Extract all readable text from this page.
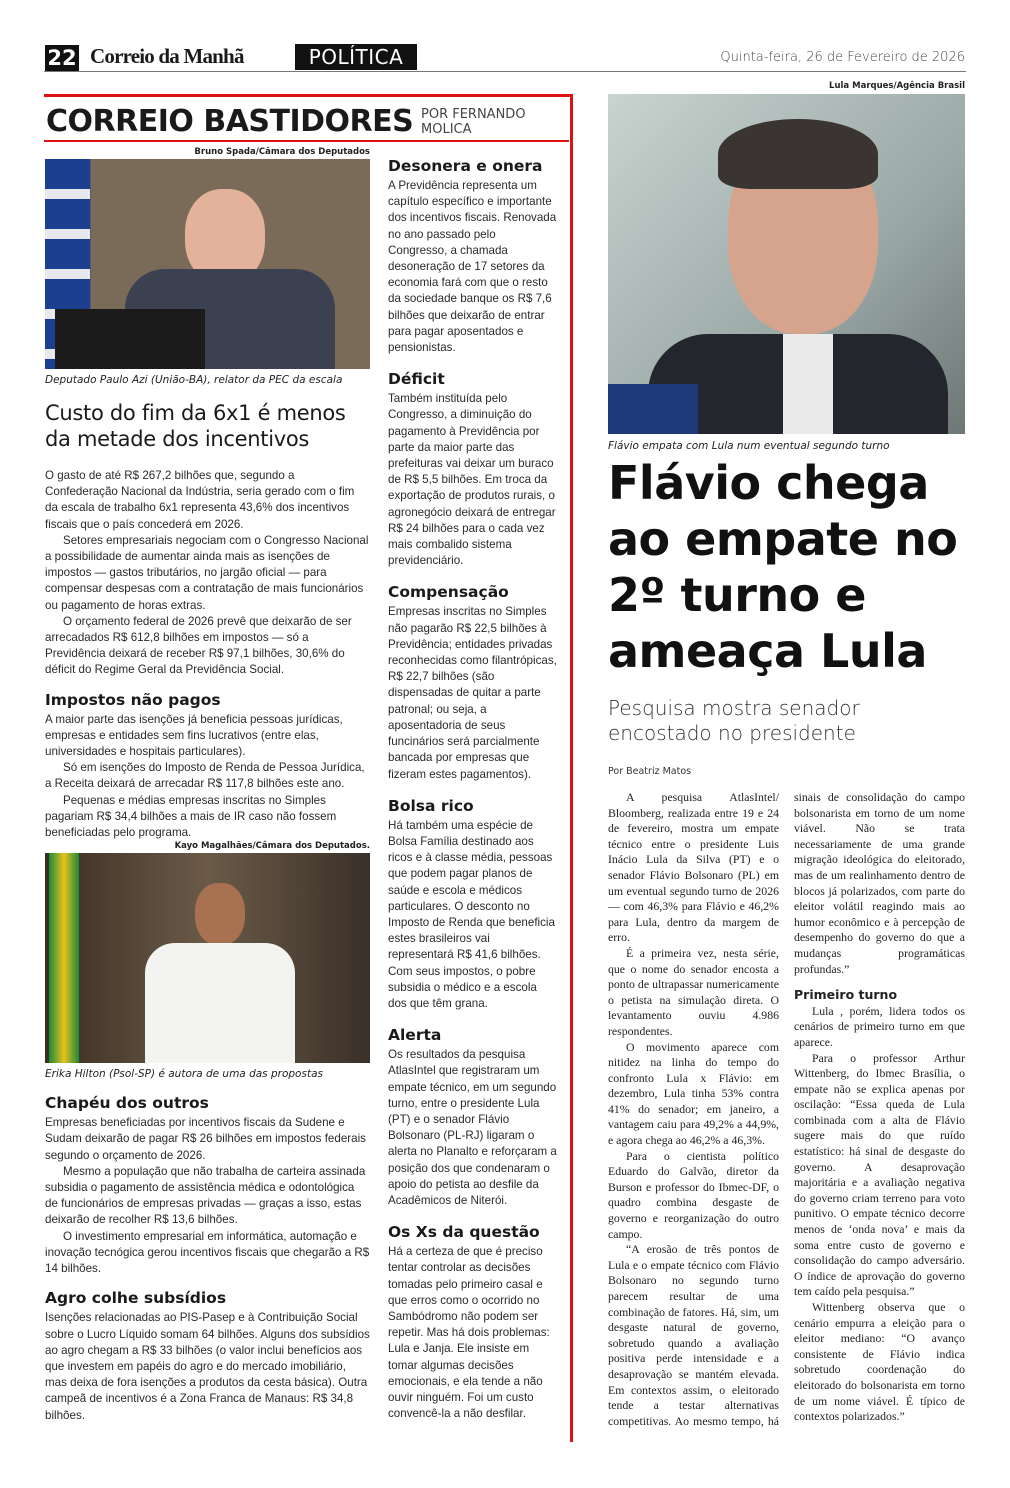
22 Correio da Manhã	POLÍTICA	Quinta-feira, 26 de Fevereiro de 2026
CORREIO BASTIDORES POR FERNANDO MOLICA
Bruno Spada/Câmara dos Deputados
Deputado Paulo Azi (União-BA), relator da PEC da escala
Custo do fim da 6x1 é menos da metade dos incentivos

O gasto de até R$ 267,2 bilhões que, segundo a Confederação Nacional da Indústria, seria gerado com o fim da escala de trabalho 6x1 representa 43,6% dos incentivos fiscais que o país concederá em 2026.

Setores empresariais negociam com o Congresso Nacional a possibilidade de aumentar ainda mais as isenções de impostos — gastos tributários, no jargão oficial — para compensar despesas com a contratação de mais funcionários ou pagamento de horas extras.

O orçamento federal de 2026 prevê que deixarão de ser arrecadados R$ 612,8 bilhões em impostos — só a Previdência deixará de receber R$ 97,1 bilhões, 30,6% do déficit do Regime Geral da Previdência Social.

Impostos não pagos

A maior parte das isenções já beneficia pessoas jurídicas, empresas e entidades sem fins lucrativos (entre elas, universidades e hospitais particulares).

Só em isenções do Imposto de Renda de Pessoa Jurídica, a Receita deixará de arrecadar R$ 117,8 bilhões este ano.

Pequenas e médias empresas inscritas no Simples pagariam R$ 34,4 bilhões a mais de IR caso não fossem beneficiadas pelo programa.

Kayo Magalhães/Câmara dos Deputados.
Erika Hilton (Psol-SP) é autora de uma das propostas
Chapéu dos outros

Empresas beneficiadas por incentivos fiscais da Sudene e Sudam deixarão de pagar R$ 26 bilhões em impostos federais segundo o orçamento de 2026.

Mesmo a população que não trabalha de carteira assinada subsidia o pagamento de assistência médica e odontológica de funcionários de empresas privadas — graças a isso, estas deixarão de recolher R$ 13,6 bilhões.

O investimento empresarial em informática, automação e inovação tecnógica gerou incentivos fiscais que chegarão a R$ 14 bilhões.

Agro colhe subsídios

Isenções relacionadas ao PIS-Pasep e à Contribuição Social sobre o Lucro Líquido somam 64 bilhões. Alguns dos subsídios ao agro chegam a R$ 33 bilhões (o valor inclui benefícios aos que investem em papéis do agro e do mercado imobiliário, mas deixa de fora isenções a produtos da cesta básica). Outra campeã de incentivos é a Zona Franca de Manaus: R$ 34,8 bilhões.

Desonera e onera
A Previdência representa um capítulo específico e importante dos incentivos fiscais. Renovada no ano passado pelo Congresso, a chamada desoneração de 17 setores da economia fará com que o resto da sociedade banque os R$ 7,6 bilhões que deixarão de entrar para pagar aposentados e pensionistas.
Déficit
Também instituída pelo Congresso, a diminuição do pagamento à Previdência por parte da maior parte das prefeituras vai deixar um buraco de R$ 5,5 bilhões. Em troca da exportação de produtos rurais, o agronegócio deixará de entregar R$ 24 bilhões para o cada vez mais combalido sistema previdenciário.
Compensação
Empresas inscritas no Simples não pagarão R$ 22,5 bilhões à Previdência; entidades privadas reconhecidas como filantrópicas, R$ 22,7 bilhões (são dispensadas de quitar a parte patronal; ou seja, a aposentadoria de seus funcinários será parcialmente bancada por empresas que fizeram estes pagamentos).
Bolsa rico
Há também uma espécie de Bolsa Família destinado aos ricos e à classe média, pessoas que podem pagar planos de saúde e escola e médicos particulares. O desconto no Imposto de Renda que beneficia estes brasileiros vai representará R$ 41,6 bilhões. Com seus impostos, o pobre subsidia o médico e a escola dos que têm grana.
Alerta
Os resultados da pesquisa AtlasIntel que registraram um empate técnico, em um segundo turno, entre o presidente Lula (PT) e o senador Flávio Bolsonaro (PL-RJ) ligaram o alerta no Planalto e reforçaram a posição dos que condenaram o apoio do petista ao desfile da Acadêmicos de Niterói.
Os Xs da questão
Há a certeza de que é preciso tentar controlar as decisões tomadas pelo primeiro casal e que erros como o ocorrido no Sambódromo não podem ser repetir. Mas há dois problemas: Lula e Janja. Ele insiste em tomar algumas decisões emocionais, e ela tende a não ouvir ninguém. Foi um custo convencê-la a não desfilar.
Lula Marques/Agência Brasil
Flávio empata com Lula num eventual segundo turno
Flávio chega ao empate no 2º turno e ameaça Lula
Pesquisa mostra senador encostado no presidente
Por Beatriz Matos

A pesquisa AtlasIntel/ Bloomberg, realizada entre 19 e 24 de fevereiro, mostra um empate técnico entre o presidente Luis Inácio Lula da Silva (PT) e o senador Flávio Bolsonaro (PL) em um eventual segundo turno de 2026 — com 46,3% para Flávio e 46,2% para Lula, dentro da margem de erro.

É a primeira vez, nesta série, que o nome do senador encosta a ponto de ultrapassar numericamente o petista na simulação direta. O levantamento ouviu 4.986 respondentes.

O movimento aparece com nitidez na linha do tempo do confronto Lula x Flávio: em dezembro, Lula tinha 53% contra 41% do senador; em janeiro, a vantagem caiu para 49,2% a 44,9%, e agora chega ao 46,2% a 46,3%.

Para o cientista político Eduardo do Galvão, diretor da Burson e professor do Ibmec-DF, o quadro combina desgaste de governo e reorganização do outro campo.

“A erosão de três pontos de Lula e o empate técnico com Flávio Bolsonaro no segundo turno parecem resultar de uma combinação de fatores. Há, sim, um desgaste natural de governo, sobretudo quando a avaliação positiva perde intensidade e a desaprovação se mantém elevada. Em contextos assim, o eleitorado tende a testar alternativas competitivas. Ao mesmo tempo, há sinais de consolidação do campo bolsonarista em torno de um nome viável. Não se trata necessariamente de uma grande migração ideológica do eleitorado, mas de um realinhamento dentro de blocos já polarizados, com parte do eleitor volátil reagindo mais ao humor econômico e à percepção de desempenho do governo do que a mudanças programáticas profundas.”

Primeiro turno

Lula , porém, lidera todos os cenários de primeiro turno em que aparece.

Para o professor Arthur Wittenberg, do Ibmec Brasília, o empate não se explica apenas por oscilação: “Essa queda de Lula combinada com a alta de Flávio sugere mais do que ruído estatístico: há sinal de desgaste do governo. A desaprovação majoritária e a avaliação negativa do governo criam terreno para voto punitivo. O empate técnico decorre menos de ‘onda nova’ e mais da soma entre custo de governo e consolidação do campo adversário. O índice de aprovação do governo tem caído pela pesquisa.”

Wittenberg observa que o cenário empurra a eleição para o eleitor mediano: “O avanço consistente de Flávio indica sobretudo coordenação do eleitorado do bolsonarista em torno de um nome viável. É típico de contextos polarizados.”
